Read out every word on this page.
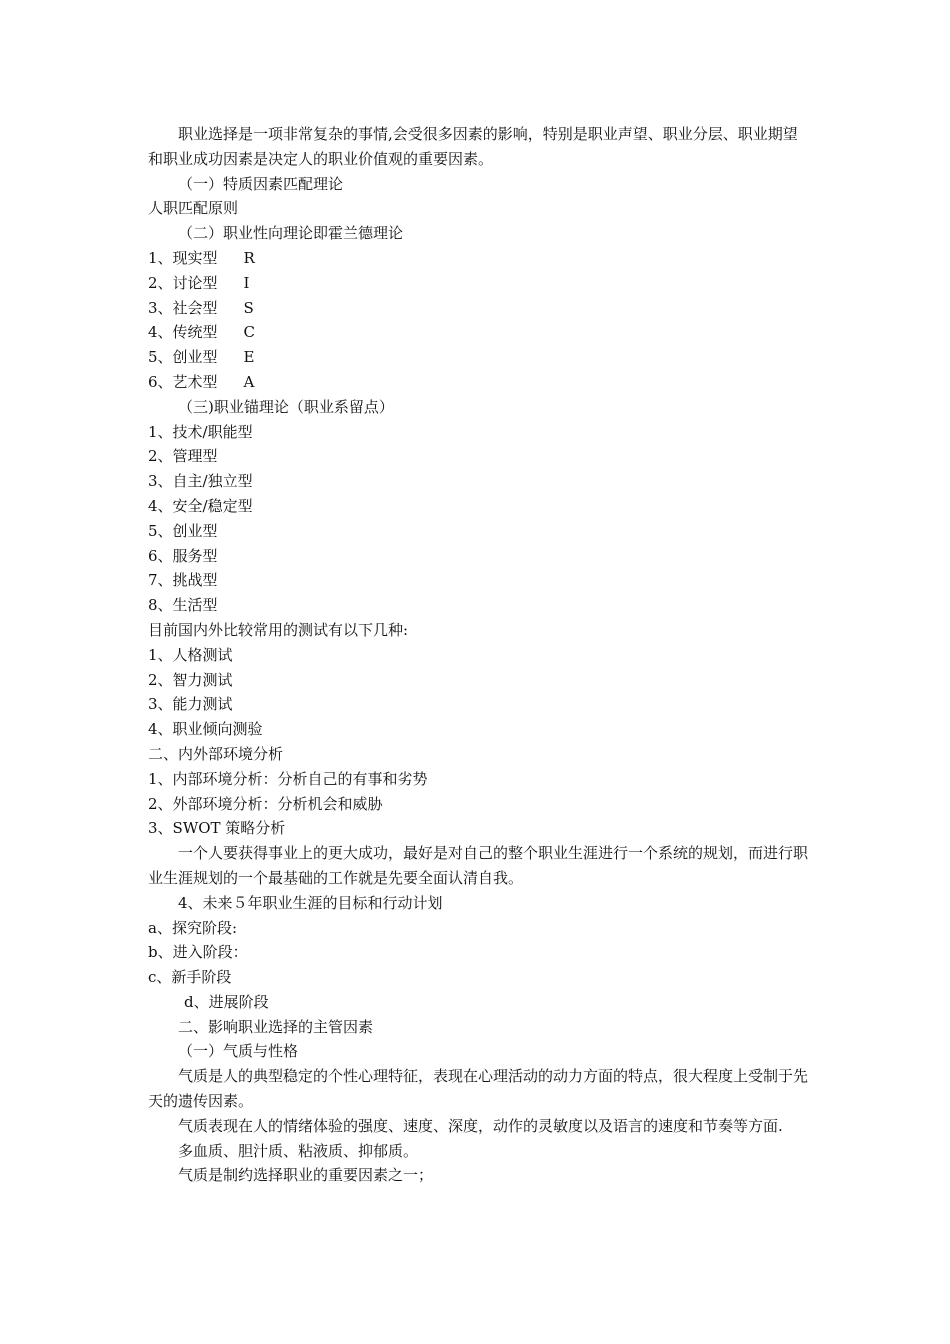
职业选择是一项非常复杂的事情,会受很多因素的影响，特别是职业声望、职业分层、职业期望和职业成功因素是决定人的职业价值观的重要因素。

（一）特质因素匹配理论

人职匹配原则

（二）职业性向理论即霍兰德理论

1、现实型 R

2、讨论型 I

3、社会型 S

4、传统型 C

5、创业型 E

6、艺术型 A

（三)职业锚理论（职业系留点）

1、技术/职能型

2、管理型

3、自主/独立型

4、安全/稳定型

5、创业型

6、服务型

7、挑战型

8、生活型

目前国内外比较常用的测试有以下几种:

1、人格测试

2、智力测试

3、能力测试

4、职业倾向测验

二、内外部环境分析

1、内部环境分析：分析自己的有事和劣势

2、外部环境分析：分析机会和威胁

3、SWOT 策略分析

一个人要获得事业上的更大成功，最好是对自己的整个职业生涯进行一个系统的规划，而进行职业生涯规划的一个最基础的工作就是先要全面认清自我。

4、未来５年职业生涯的目标和行动计划

a、探究阶段:

b、进入阶段：

c、新手阶段

d、进展阶段

二、影响职业选择的主管因素

（一）气质与性格

气质是人的典型稳定的个性心理特征，表现在心理活动的动力方面的特点，很大程度上受制于先天的遗传因素。

气质表现在人的情绪体验的强度、速度、深度，动作的灵敏度以及语言的速度和节奏等方面.

多血质、胆汁质、粘液质、抑郁质。

气质是制约选择职业的重要因素之一；
